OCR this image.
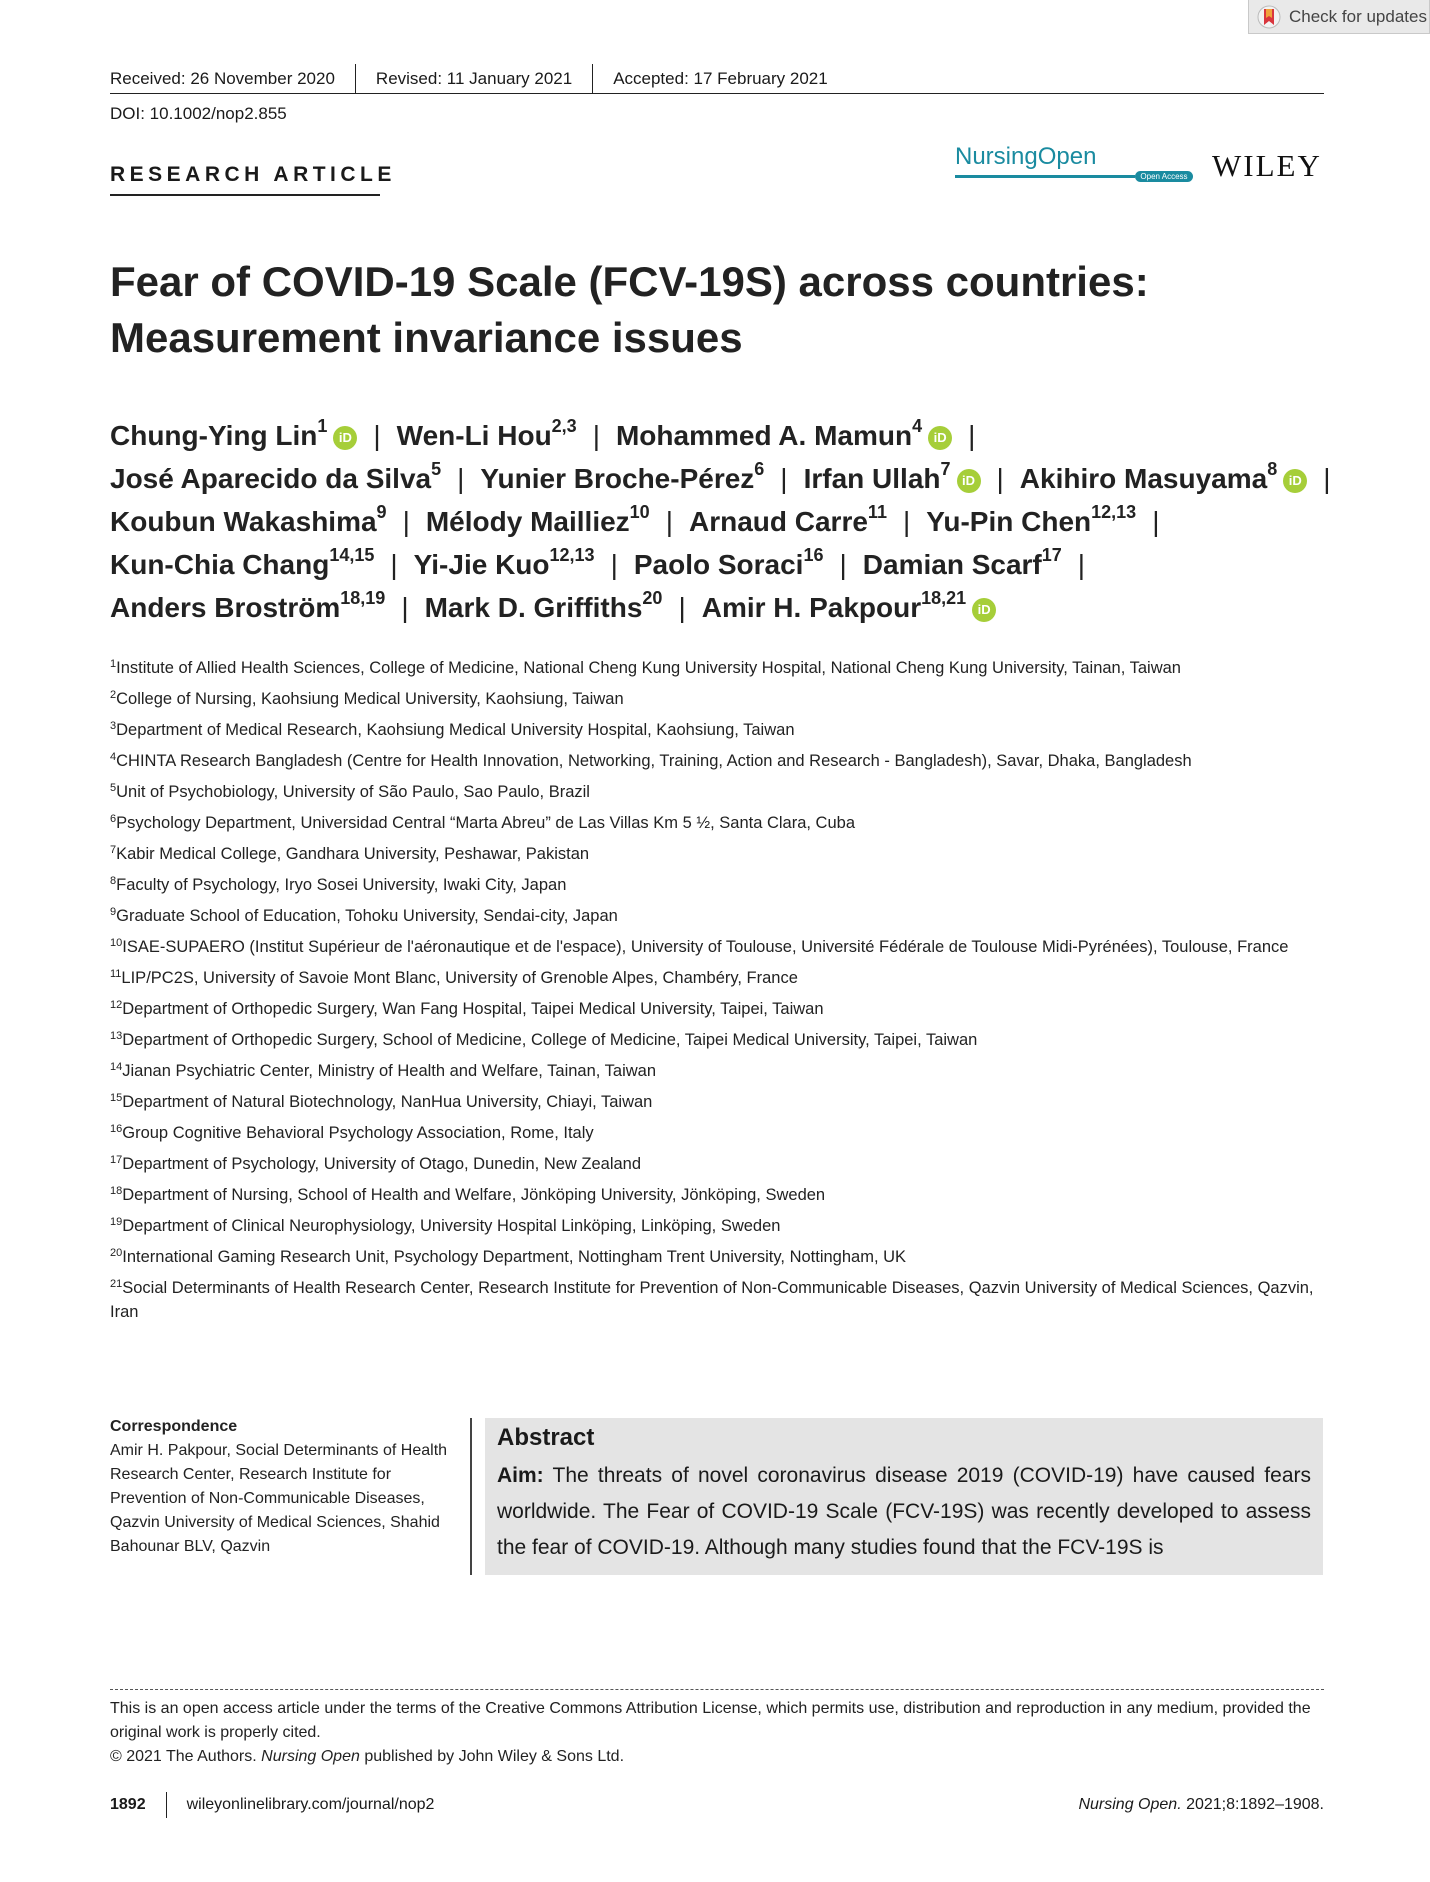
Check for updates
Received: 26 November 2020 Revised: 11 January 2021 Accepted: 17 February 2021
DOI: 10.1002/nop2.855
RESEARCH ARTICLE
NursingOpen
Open Access WILEY
Fear of COVID-19 Scale (FCV-19S) across countries:
Measurement invariance issues
Chung-Ying Lin$^1$iD | Wen-Li Hou$^{2,3}$ | Mohammed A. Mamun$^4$iD |
José Aparecido da Silva$^5$ | Yunier Broche-Pérez$^6$ | Irfan Ullah$^7$iD | Akihiro Masuyama$^8$iD |
Koubun Wakashima$^9$ | Mélody Mailliez$^{10}$ | Arnaud Carre$^{11}$ | Yu-Pin Chen$^{12,13}$ |
Kun-Chia Chang$^{14,15}$ | Yi-Jie Kuo$^{12,13}$ | Paolo Soraci$^{16}$ | Damian Scarf$^{17}$ |
Anders Broström$^{18,19}$ | Mark D. Griffiths$^{20}$ | Amir H. Pakpour$^{18,21}$iD
$^1$Institute of Allied Health Sciences, College of Medicine, National Cheng Kung University Hospital, National Cheng Kung University, Tainan, Taiwan
$^2$College of Nursing, Kaohsiung Medical University, Kaohsiung, Taiwan
$^3$Department of Medical Research, Kaohsiung Medical University Hospital, Kaohsiung, Taiwan
$^4$CHINTA Research Bangladesh (Centre for Health Innovation, Networking, Training, Action and Research - Bangladesh), Savar, Dhaka, Bangladesh
$^5$Unit of Psychobiology, University of São Paulo, Sao Paulo, Brazil
$^6$Psychology Department, Universidad Central “Marta Abreu” de Las Villas Km 5 ½, Santa Clara, Cuba
$^7$Kabir Medical College, Gandhara University, Peshawar, Pakistan
$^8$Faculty of Psychology, Iryo Sosei University, Iwaki City, Japan
$^9$Graduate School of Education, Tohoku University, Sendai-city, Japan
$^{10}$ISAE-SUPAERO (Institut Supérieur de l'aéronautique et de l'espace), University of Toulouse, Université Fédérale de Toulouse Midi-Pyrénées), Toulouse, France
$^{11}$LIP/PC2S, University of Savoie Mont Blanc, University of Grenoble Alpes, Chambéry, France
$^{12}$Department of Orthopedic Surgery, Wan Fang Hospital, Taipei Medical University, Taipei, Taiwan
$^{13}$Department of Orthopedic Surgery, School of Medicine, College of Medicine, Taipei Medical University, Taipei, Taiwan
$^{14}$Jianan Psychiatric Center, Ministry of Health and Welfare, Tainan, Taiwan
$^{15}$Department of Natural Biotechnology, NanHua University, Chiayi, Taiwan
$^{16}$Group Cognitive Behavioral Psychology Association, Rome, Italy
$^{17}$Department of Psychology, University of Otago, Dunedin, New Zealand
$^{18}$Department of Nursing, School of Health and Welfare, Jönköping University, Jönköping, Sweden
$^{19}$Department of Clinical Neurophysiology, University Hospital Linköping, Linköping, Sweden
$^{20}$International Gaming Research Unit, Psychology Department, Nottingham Trent University, Nottingham, UK
$^{21}$Social Determinants of Health Research Center, Research Institute for Prevention of Non-Communicable Diseases, Qazvin University of Medical Sciences, Qazvin, Iran
Correspondence
Amir H. Pakpour, Social Determinants of Health Research Center, Research Institute for Prevention of Non-Communicable Diseases, Qazvin University of Medical Sciences, Shahid Bahounar BLV, Qazvin
Abstract
Aim: The threats of novel coronavirus disease 2019 (COVID-19) have caused fears worldwide. The Fear of COVID-19 Scale (FCV-19S) was recently developed to assess the fear of COVID-19. Although many studies found that the FCV-19S is
This is an open access article under the terms of the Creative Commons Attribution License, which permits use, distribution and reproduction in any medium, provided the original work is properly cited.
© 2021 The Authors. Nursing Open published by John Wiley & Sons Ltd.
1892	wileyonlinelibrary.com/journal/nop2	Nursing Open. 2021;8:1892–1908.
